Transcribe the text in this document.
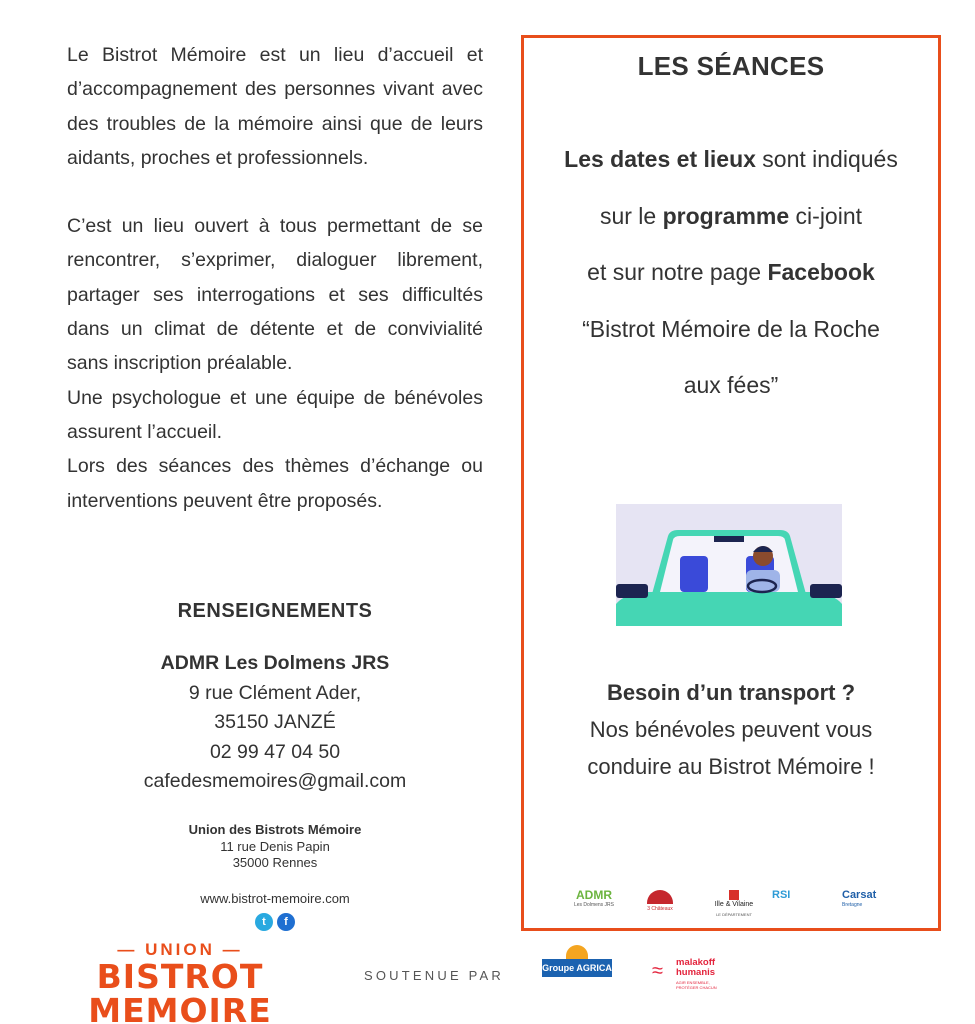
Le Bistrot Mémoire est un lieu d’accueil et d’accompagnement des personnes vivant avec des troubles de la mémoire ainsi que de leurs aidants, proches et professionnels.

C’est un lieu ouvert à tous permettant de se rencontrer, s’exprimer, dialoguer librement, partager ses interrogations et ses difficultés dans un climat de détente et de convivialité sans inscription préalable.

Une psychologue et une équipe de bénévoles assurent l’accueil.

Lors des séances des thèmes d’échange ou interventions peuvent être proposés.

RENSEIGNEMENTS
ADMR Les Dolmens JRS
9 rue Clément Ader,
35150 JANZÉ
02 99 47 04 50
cafedesmemoires@gmail.com
Union des Bistrots Mémoire
11 rue Denis Papin
35000 Rennes
www.bistrot-memoire.com
t	f
— UNION —
BISTROT MEMOIRE
SOUTENUE PAR	Groupe AGRICA ≈ malakoff
humanis
AGIR ENSEMBLE, PROTÉGER CHACUN
LES SÉANCES
Les dates et lieux sont indiqués
sur le programme ci-joint
et sur notre page Facebook
“Bistrot Mémoire de la Roche
aux fées”
Besoin d’un transport ?
Nos bénévoles peuvent vous
conduire au Bistrot Mémoire !
ADMR
Les Dolmens JRS
3 Châteaux
Ille & Vilaine
LE DÉPARTEMENT
RSI	Carsat
Bretagne
